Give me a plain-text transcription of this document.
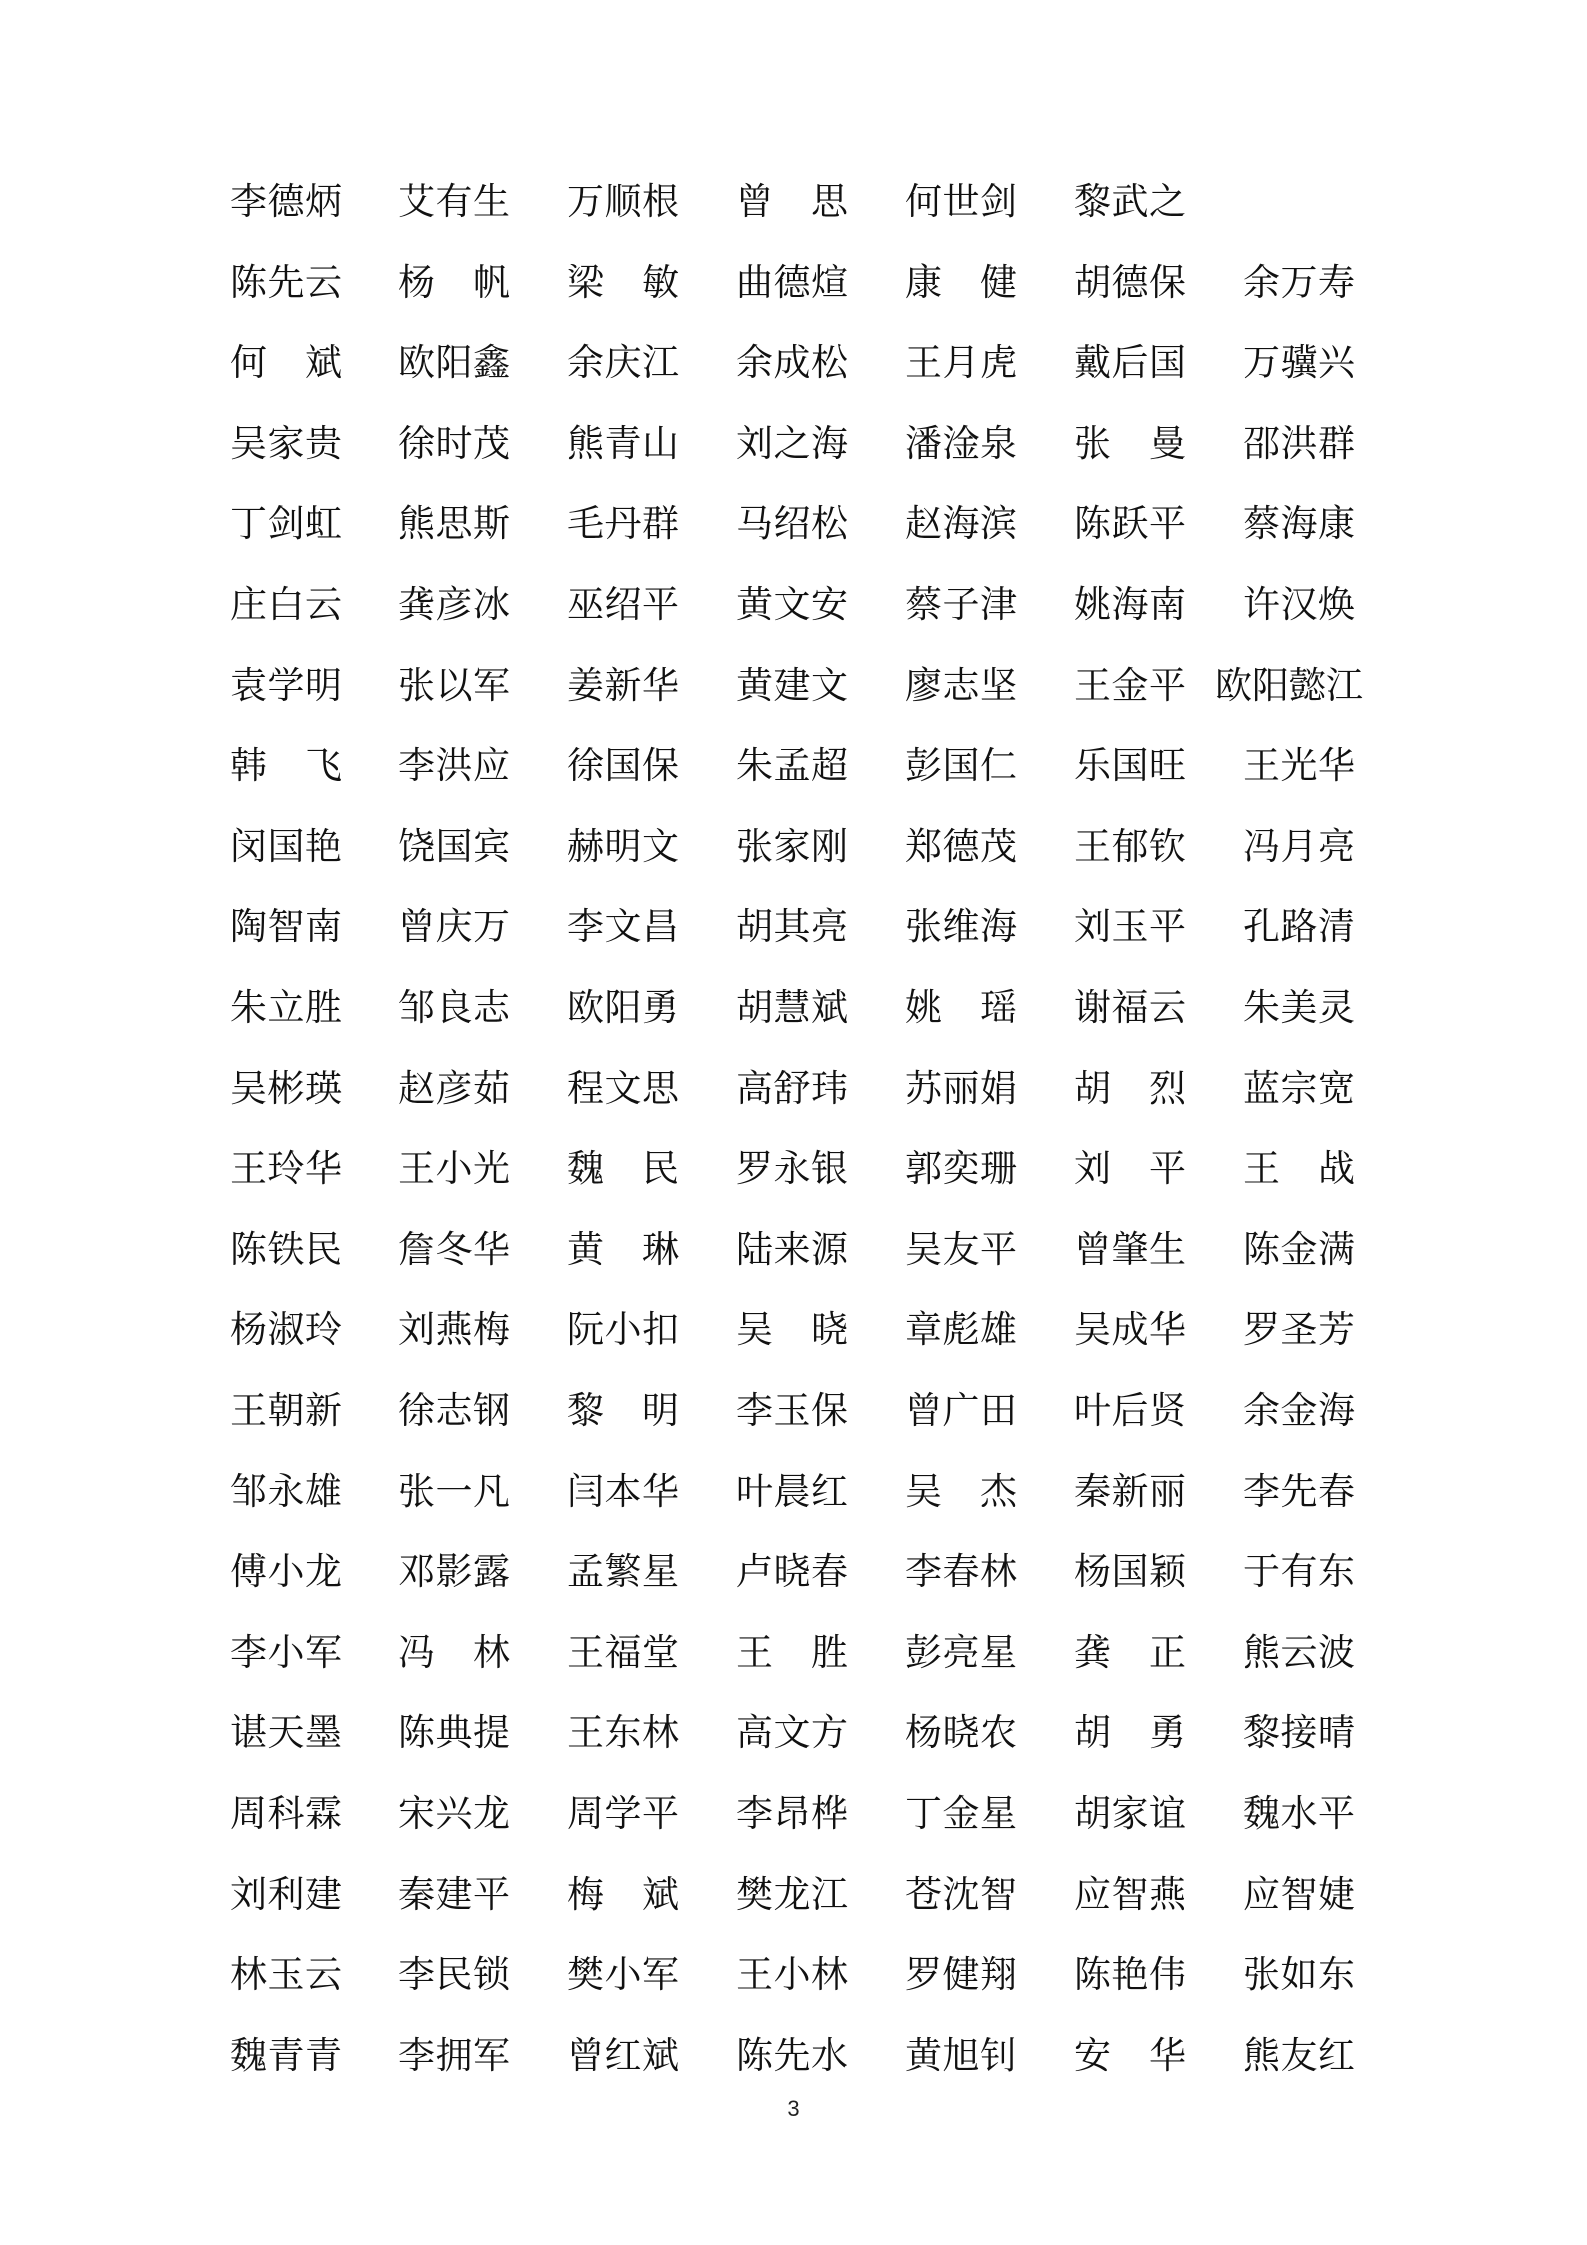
李德炳 艾有生 万顺根 曾 思 何世剑 黎武之
陈先云 杨 帆 梁 敏 曲德煊 康 健 胡德保 余万寿
何 斌 欧阳鑫 余庆江 余成松 王月虎 戴后国 万骥兴
吴家贵 徐时茂 熊青山 刘之海 潘淦泉 张 曼 邵洪群
丁剑虹 熊思斯 毛丹群 马绍松 赵海滨 陈跃平 蔡海康
庄白云 龚彦冰 巫绍平 黄文安 蔡子津 姚海南 许汉焕
袁学明 张以军 姜新华 黄建文 廖志坚 王金平 欧阳懿江
韩 飞 李洪应 徐国保 朱孟超 彭国仁 乐国旺 王光华
闵国艳 饶国宾 赫明文 张家刚 郑德茂 王郁钦 冯月亮
陶智南 曾庆万 李文昌 胡其亮 张维海 刘玉平 孔路清
朱立胜 邹良志 欧阳勇 胡慧斌 姚 瑶 谢福云 朱美灵
吴彬瑛 赵彦茹 程文思 高舒玮 苏丽娟 胡 烈 蓝宗宽
王玲华 王小光 魏 民 罗永银 郭奕珊 刘 平 王 战
陈铁民 詹冬华 黄 琳 陆来源 吴友平 曾肇生 陈金满
杨淑玲 刘燕梅 阮小扣 吴 晓 章彪雄 吴成华 罗圣芳
王朝新 徐志钢 黎 明 李玉保 曾广田 叶后贤 余金海
邹永雄 张一凡 闫本华 叶晨红 吴 杰 秦新丽 李先春
傅小龙 邓影露 孟繁星 卢晓春 李春林 杨国颖 于有东
李小军 冯 林 王福堂 王 胜 彭亮星 龚 正 熊云波
谌天墨 陈典提 王东林 高文方 杨晓农 胡 勇 黎接晴
周科霖 宋兴龙 周学平 李昂桦 丁金星 胡家谊 魏水平
刘利建 秦建平 梅 斌 樊龙江 苍沈智 应智燕 应智婕
林玉云 李民锁 樊小军 王小林 罗健翔 陈艳伟 张如东
魏青青 李拥军 曾红斌 陈先水 黄旭钊 安 华 熊友红
3
